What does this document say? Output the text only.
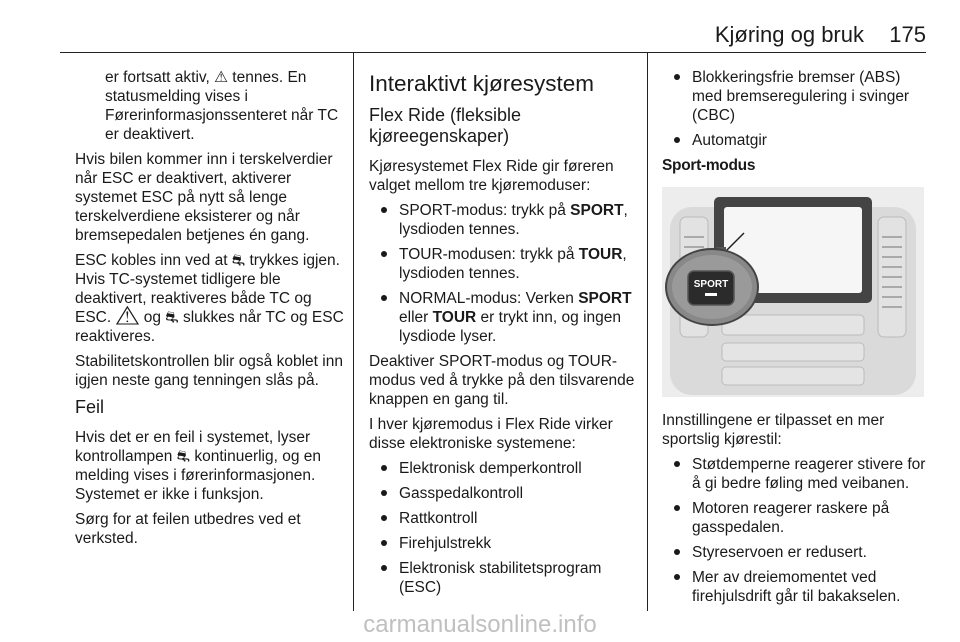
Kjøring og bruk 175

er fortsatt aktiv, ⚠ tennes. En statusmelding vises i Førerinformasjonssenteret når TC er deaktivert.

Hvis bilen kommer inn i terskelverdier når ESC er deaktivert, aktiverer systemet ESC på nytt så lenge terskelverdiene eksisterer og når bremsepedalen betjenes én gang.

ESC kobles inn ved at ⛐ trykkes igjen. Hvis TC-systemet tidligere ble deaktivert, reaktiveres både TC og ESC. ⚠ og ⛐ slukkes når TC og ESC reaktiveres.

Stabilitetskontrollen blir også koblet inn igjen neste gang tenningen slås på.

Feil

Hvis det er en feil i systemet, lyser kontrollampen ⛐ kontinuerlig, og en melding vises i førerinformasjonen. Systemet er ikke i funksjon.

Sørg for at feilen utbedres ved et verksted.

Interaktivt kjøresystem
Flex Ride (fleksible kjøreegenskaper)

Kjøresystemet Flex Ride gir føreren valget mellom tre kjøremoduser:

SPORT-modus: trykk på SPORT, lysdioden tennes.
TOUR-modusen: trykk på TOUR, lysdioden tennes.
NORMAL-modus: Verken SPORT eller TOUR er trykt inn, og ingen lysdiode lyser.

Deaktiver SPORT-modus og TOUR-modus ved å trykke på den tilsvarende knappen en gang til.

I hver kjøremodus i Flex Ride virker disse elektroniske systemene:

Elektronisk demperkontroll
Gasspedalkontroll
Rattkontroll
Firehjulstrekk
Elektronisk stabilitetsprogram (ESC)
Blokkeringsfrie bremser (ABS) med bremseregulering i svinger (CBC)
Automatgir
Sport-modus
SPORT

Innstillingene er tilpasset en mer sportslig kjørestil:

Støtdemperne reagerer stivere for å gi bedre føling med veibanen.
Motoren reagerer raskere på gasspedalen.
Styreservoen er redusert.
Mer av dreiemomentet ved firehjulsdrift går til bakakselen.
carmanualsonline.info
